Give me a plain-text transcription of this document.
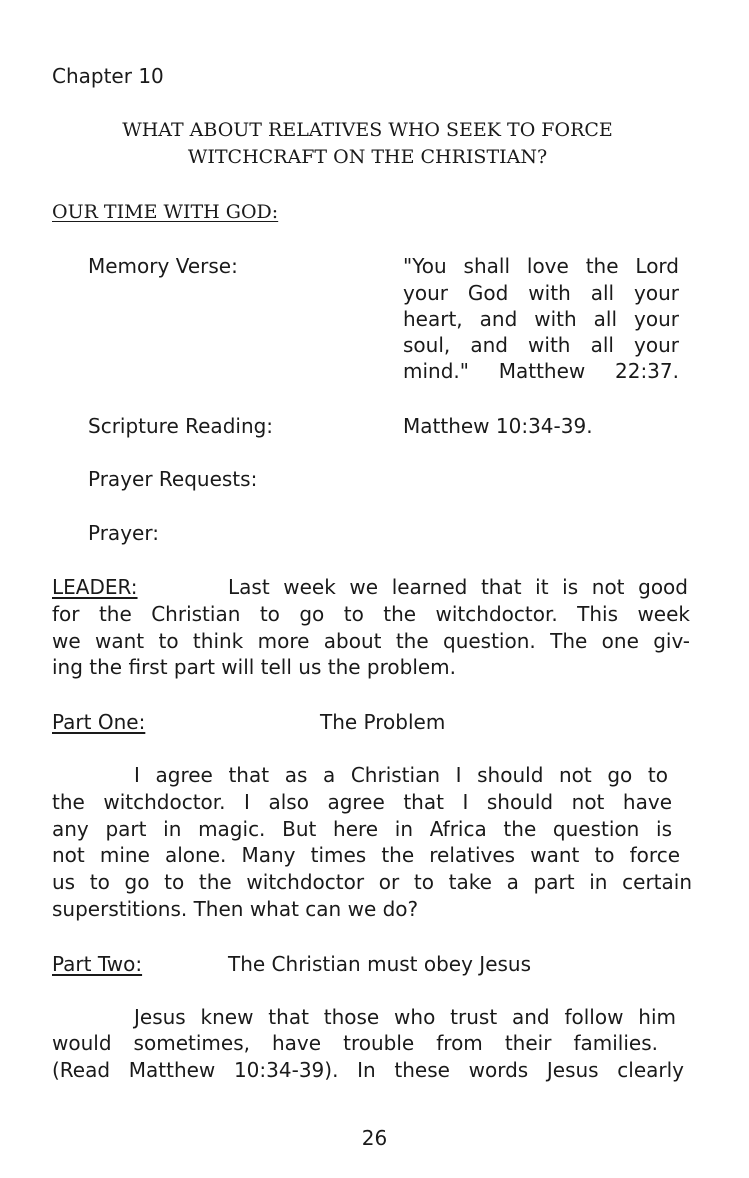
Chapter 10
WHAT ABOUT RELATIVES WHO SEEK TO FORCE
WITCHCRAFT ON THE CHRISTIAN?
OUR TIME WITH GOD:
Memory Verse:	"You shall love the Lord
your God with all your
heart, and with all your
soul, and with all your
mind." Matthew 22:37.
Scripture Reading:	Matthew 10:34-39.
Prayer Requests:
Prayer:
LEADER:	Last week we learned that it is not good
for the Christian to go to the witchdoctor. This week
we want to think more about the question. The one giv-
ing the first part will tell us the problem.
Part One:	The Problem
I agree that as a Christian I should not go to
the witchdoctor. I also agree that I should not have
any part in magic. But here in Africa the question is
not mine alone. Many times the relatives want to force
us to go to the witchdoctor or to take a part in certain
superstitions. Then what can we do?
Part Two:	The Christian must obey Jesus
Jesus knew that those who trust and follow him
would sometimes, have trouble from their families.
(Read Matthew 10:34-39). In these words Jesus clearly
26
